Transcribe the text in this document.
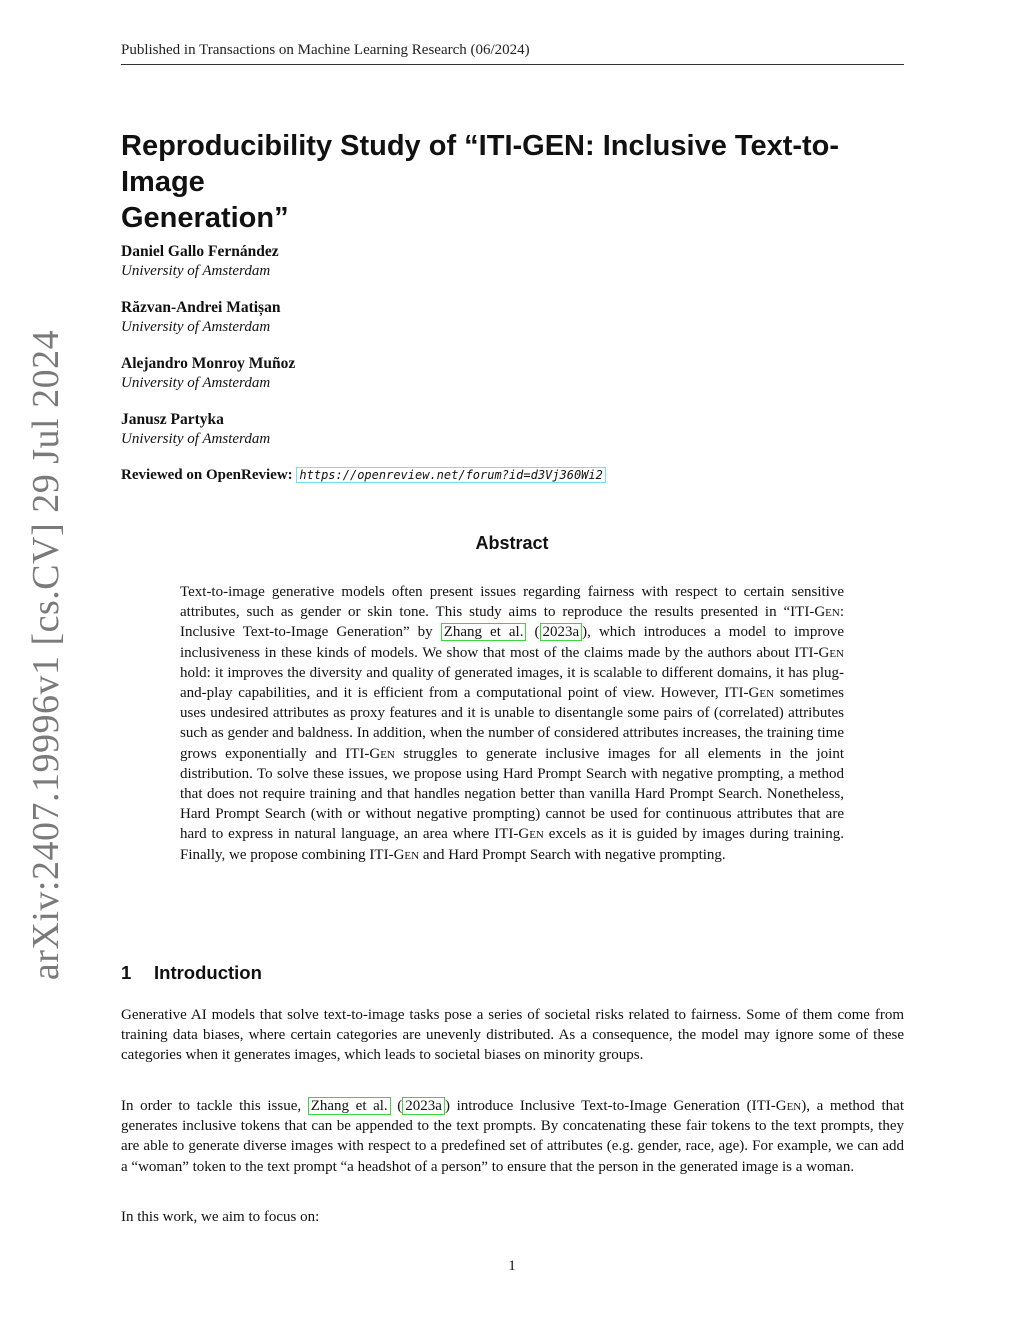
Published in Transactions on Machine Learning Research (06/2024)
arXiv:2407.19996v1 [cs.CV] 29 Jul 2024
Reproducibility Study of “ITI-GEN: Inclusive Text-to-Image
Generation”
Daniel Gallo Fernández
University of Amsterdam
Răzvan-Andrei Matișan
University of Amsterdam
Alejandro Monroy Muñoz
University of Amsterdam
Janusz Partyka
University of Amsterdam
Reviewed on OpenReview: https://openreview.net/forum?id=d3Vj360Wi2
Abstract
Text-to-image generative models often present issues regarding fairness with respect to certain sensitive attributes, such as gender or skin tone. This study aims to reproduce the results presented in “ITI-Gen: Inclusive Text-to-Image Generation” by Zhang et al. ( 2023a ), which introduces a model to improve inclusiveness in these kinds of models. We show that most of the claims made by the authors about ITI-Gen hold: it improves the diversity and quality of generated images, it is scalable to different domains, it has plug-and-play capabilities, and it is efficient from a computational point of view. However, ITI-Gen sometimes uses undesired attributes as proxy features and it is unable to disentangle some pairs of (correlated) attributes such as gender and baldness. In addition, when the number of considered attributes increases, the training time grows exponentially and ITI-Gen struggles to generate inclusive images for all elements in the joint distribution. To solve these issues, we propose using Hard Prompt Search with negative prompting, a method that does not require training and that handles negation better than vanilla Hard Prompt Search. Nonetheless, Hard Prompt Search (with or without negative prompting) cannot be used for continuous attributes that are hard to express in natural language, an area where ITI-Gen excels as it is guided by images during training. Finally, we propose combining ITI-Gen and Hard Prompt Search with negative prompting.
1 Introduction
Generative AI models that solve text-to-image tasks pose a series of societal risks related to fairness. Some of them come from training data biases, where certain categories are unevenly distributed. As a consequence, the model may ignore some of these categories when it generates images, which leads to societal biases on minority groups.
In order to tackle this issue, Zhang et al. ( 2023a ) introduce Inclusive Text-to-Image Generation (ITI-Gen), a method that generates inclusive tokens that can be appended to the text prompts. By concatenating these fair tokens to the text prompts, they are able to generate diverse images with respect to a predefined set of attributes (e.g. gender, race, age). For example, we can add a “woman” token to the text prompt “a headshot of a person” to ensure that the person in the generated image is a woman.
In this work, we aim to focus on:
1
